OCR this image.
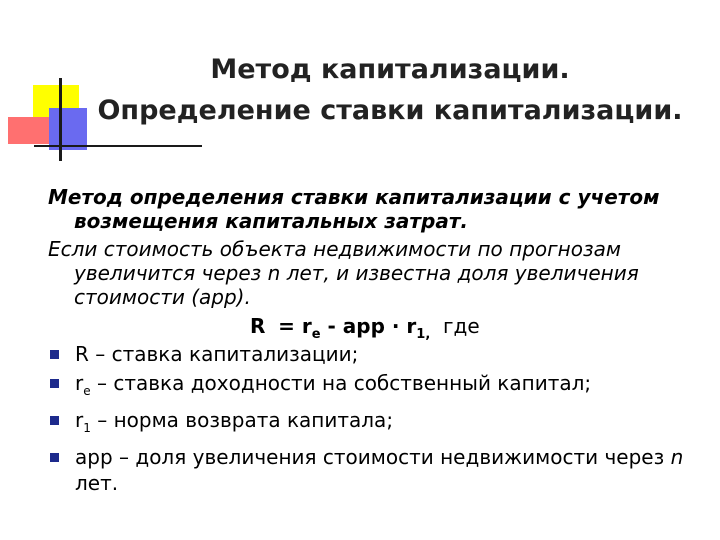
Метод капитализации.
Определение ставки капитализации.
Метод определения ставки капитализации с учетом
возмещения капитальных затрат.
Если стоимость объекта недвижимости по прогнозам
увеличится через n лет, и известна доля увеличения
стоимости (app).
$R = r_e$ - app · $r_{1,}$ где
R – ставка капитализации;
$r_e$ – ставка доходности на собственный капитал;
$r_1$ – норма возврата капитала;
app – доля увеличения стоимости недвижимости через n
лет.
